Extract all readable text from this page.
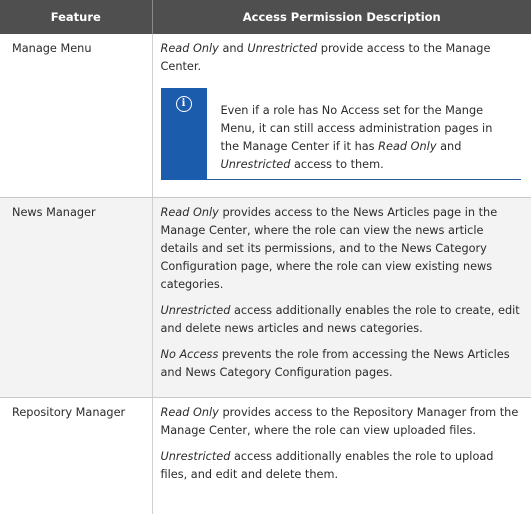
Feature	Access Permission Description
Manage Menu	Read Only and Unrestricted provide access to the Manage Center.

i
Even if a role has No Access set for the Mange Menu, it can still access administration pages in the Manage Center if it has Read Only and Unrestricted access to them.

News Manager	Read Only provides access to the News Articles page in the Manage Center, where the role can view the news article details and set its permissions, and to the News Category Configuration page, where the role can view existing news categories.

Unrestricted access additionally enables the role to create, edit and delete news articles and news categories.

No Access prevents the role from accessing the News Articles and News Category Configuration pages.

Repository Manager	Read Only provides access to the Repository Manager from the Manage Center, where the role can view uploaded files.

Unrestricted access additionally enables the role to upload files, and edit and delete them.
